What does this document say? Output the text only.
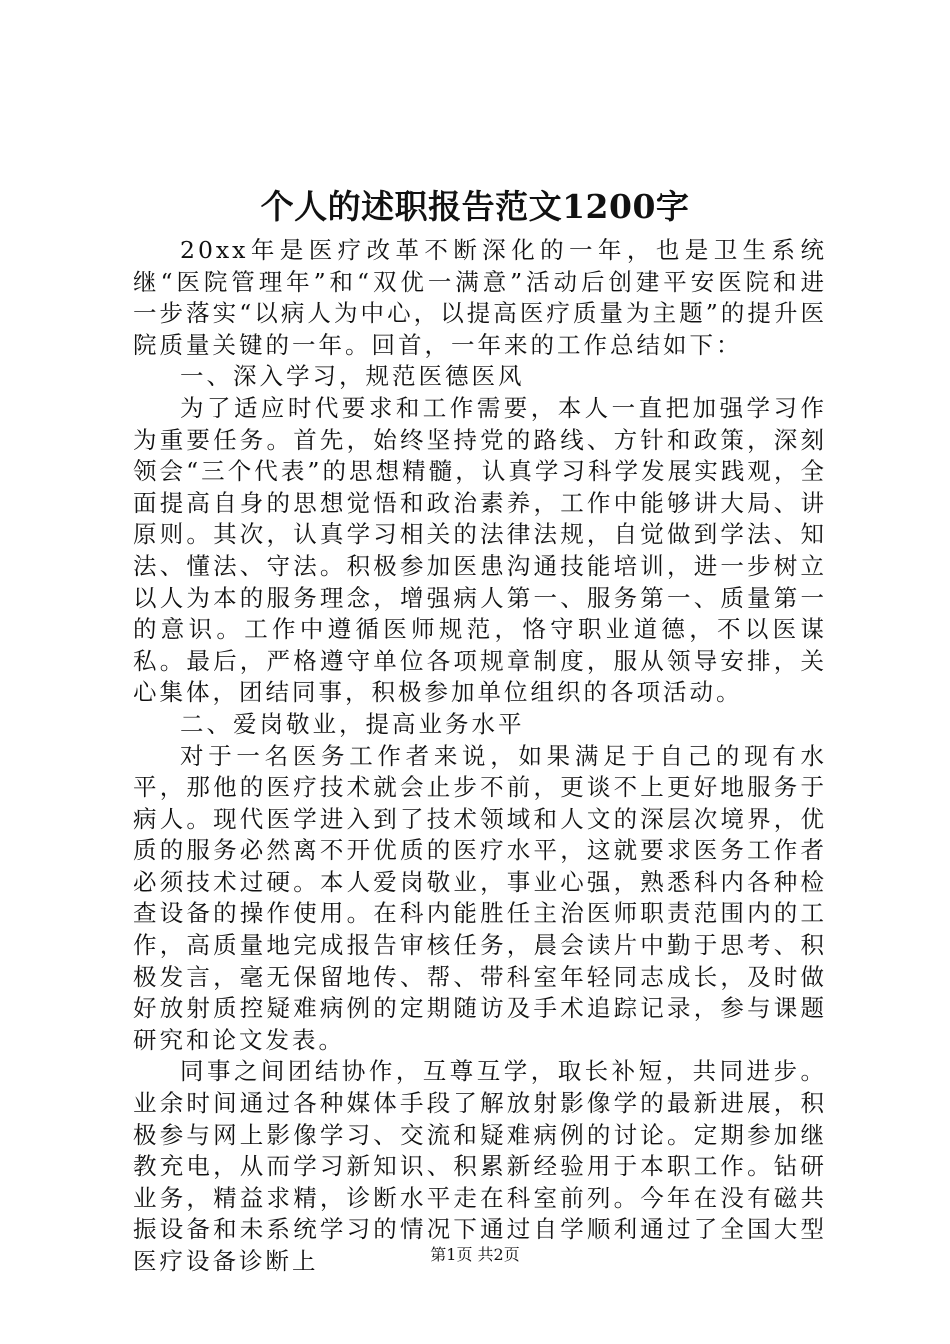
个人的述职报告范文1200字

20xx年是医疗改革不断深化的一年，也是卫生系统继“医院管理年”和“双优一满意”活动后创建平安医院和进一步落实“以病人为中心，以提高医疗质量为主题”的提升医院质量关键的一年。回首，一年来的工作总结如下：

一、深入学习，规范医德医风

为了适应时代要求和工作需要，本人一直把加强学习作为重要任务。首先，始终坚持党的路线、方针和政策，深刻领会“三个代表”的思想精髓，认真学习科学发展实践观，全面提高自身的思想觉悟和政治素养，工作中能够讲大局、讲原则。其次，认真学习相关的法律法规，自觉做到学法、知法、懂法、守法。积极参加医患沟通技能培训，进一步树立以人为本的服务理念，增强病人第一、服务第一、质量第一的意识。工作中遵循医师规范，恪守职业道德，不以医谋私。最后，严格遵守单位各项规章制度，服从领导安排，关心集体，团结同事，积极参加单位组织的各项活动。

二、爱岗敬业，提高业务水平

对于一名医务工作者来说，如果满足于自己的现有水平，那他的医疗技术就会止步不前，更谈不上更好地服务于病人。现代医学进入到了技术领域和人文的深层次境界，优质的服务必然离不开优质的医疗水平，这就要求医务工作者必须技术过硬。本人爱岗敬业，事业心强，熟悉科内各种检查设备的操作使用。在科内能胜任主治医师职责范围内的工作，高质量地完成报告审核任务，晨会读片中勤于思考、积极发言，毫无保留地传、帮、带科室年轻同志成长，及时做好放射质控疑难病例的定期随访及手术追踪记录，参与课题研究和论文发表。

同事之间团结协作，互尊互学，取长补短，共同进步。业余时间通过各种媒体手段了解放射影像学的最新进展，积极参与网上影像学习、交流和疑难病例的讨论。定期参加继教充电，从而学习新知识、积累新经验用于本职工作。钻研业务，精益求精，诊断水平走在科室前列。今年在没有磁共振设备和未系统学习的情况下通过自学顺利通过了全国大型医疗设备诊断上	第1页 共2页
